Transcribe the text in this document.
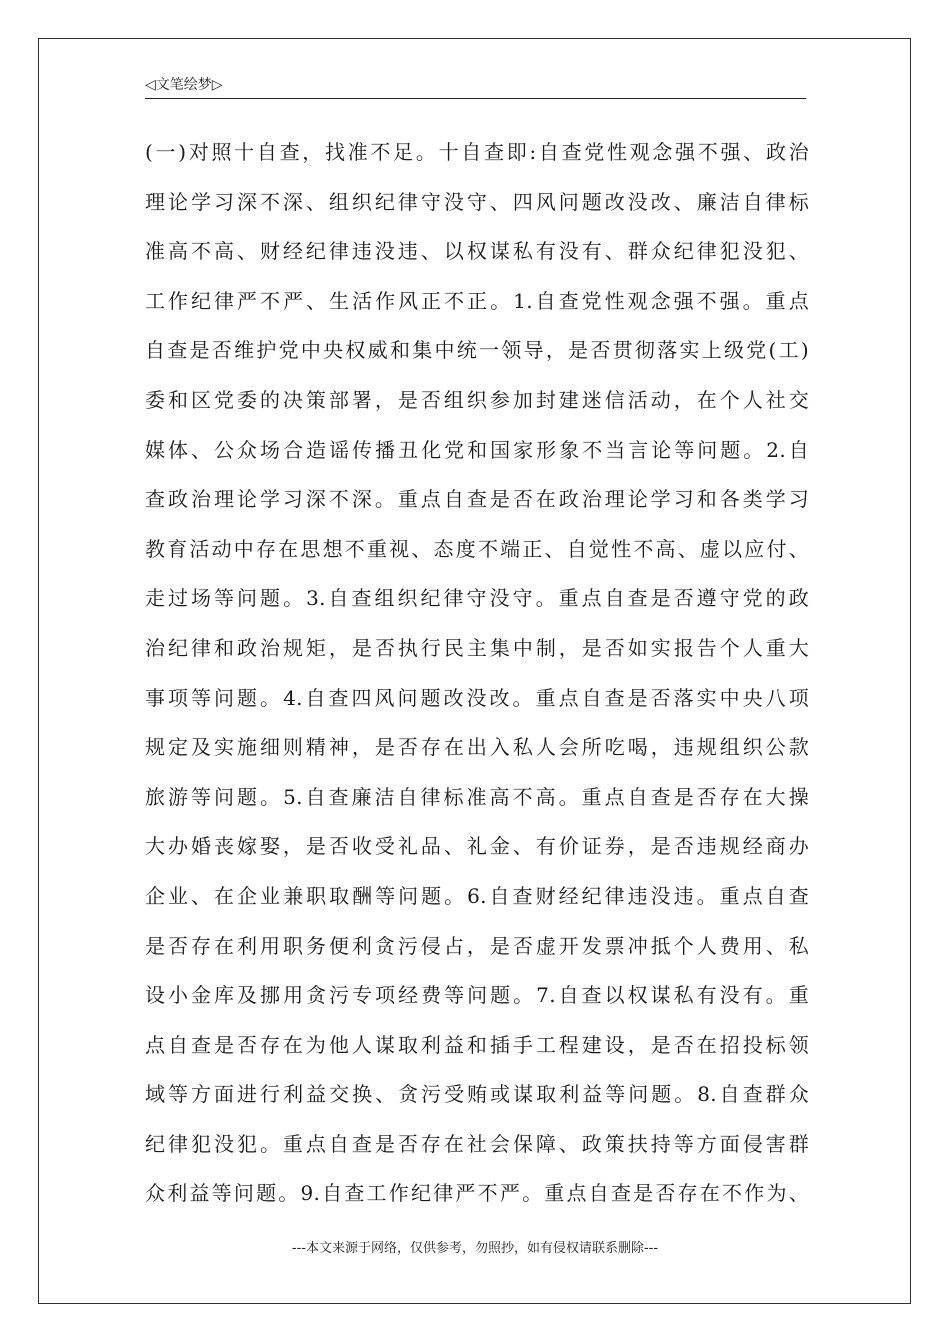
◁文笔绘梦▷
(一)对照十自查，找准不足。十自查即:自查党性观念强不强、政治
理论学习深不深、组织纪律守没守、四风问题改没改、廉洁自律标
准高不高、财经纪律违没违、以权谋私有没有、群众纪律犯没犯、
工作纪律严不严、生活作风正不正。1.自查党性观念强不强。重点
自查是否维护党中央权威和集中统一领导，是否贯彻落实上级党(工)
委和区党委的决策部署，是否组织参加封建迷信活动，在个人社交
媒体、公众场合造谣传播丑化党和国家形象不当言论等问题。2.自
查政治理论学习深不深。重点自查是否在政治理论学习和各类学习
教育活动中存在思想不重视、态度不端正、自觉性不高、虚以应付、
走过场等问题。3.自查组织纪律守没守。重点自查是否遵守党的政
治纪律和政治规矩，是否执行民主集中制，是否如实报告个人重大
事项等问题。4.自查四风问题改没改。重点自查是否落实中央八项
规定及实施细则精神，是否存在出入私人会所吃喝，违规组织公款
旅游等问题。5.自查廉洁自律标准高不高。重点自查是否存在大操
大办婚丧嫁娶，是否收受礼品、礼金、有价证券，是否违规经商办
企业、在企业兼职取酬等问题。6.自查财经纪律违没违。重点自查
是否存在利用职务便利贪污侵占，是否虚开发票冲抵个人费用、私
设小金库及挪用贪污专项经费等问题。7.自查以权谋私有没有。重
点自查是否存在为他人谋取利益和插手工程建设，是否在招投标领
域等方面进行利益交换、贪污受贿或谋取利益等问题。8.自查群众
纪律犯没犯。重点自查是否存在社会保障、政策扶持等方面侵害群
众利益等问题。9.自查工作纪律严不严。重点自查是否存在不作为、
---本文来源于网络，仅供参考，勿照抄，如有侵权请联系删除---
